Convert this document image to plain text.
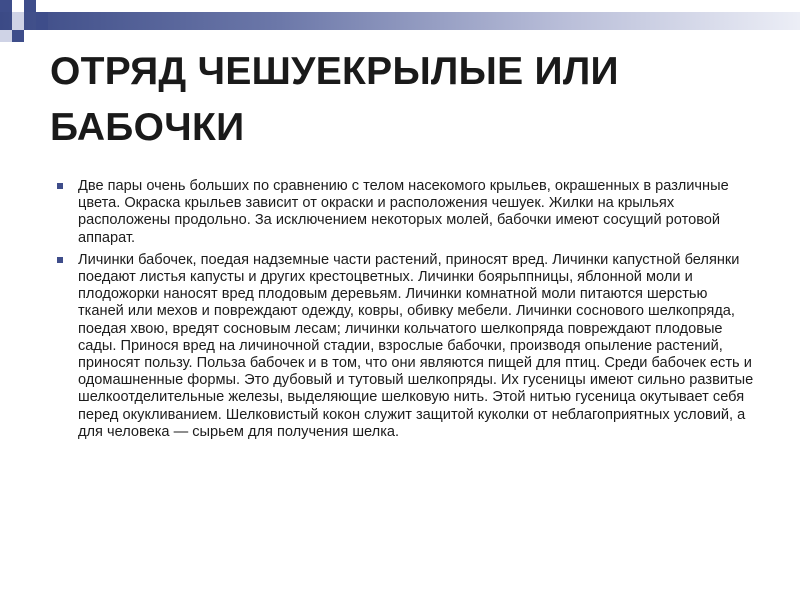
ОТРЯД ЧЕШУЕКРЫЛЫЕ ИЛИ БАБОЧКИ
Две пары очень больших по сравнению с телом насекомого крыльев, окрашенных в различные цвета. Окраска крыльев зависит от окраски и расположения чешуек. Жилки на крыльях расположены продольно. За исключением некоторых молей, бабочки имеют сосущий ротовой аппарат.
Личинки бабочек, поедая надземные части растений, приносят вред. Личинки капустной белянки поедают листья капусты и других крестоцветных. Личинки боярьппницы, яблонной моли и плодожорки наносят вред плодовым деревьям. Личинки комнатной моли питаются шерстью тканей или мехов и повреждают одежду, ковры, обивку мебели. Личинки соснового шелкопряда, поедая хвою, вредят сосновым лесам; личинки кольчатого шелкопряда повреждают плодовые сады. Принося вред на личиночной стадии, взрослые бабочки, производя опыление растений, приносят пользу. Польза бабочек и в том, что они являются пищей для птиц. Среди бабочек есть и одомашненные формы. Это дубовый и тутовый шелкопряды. Их гусеницы имеют сильно развитые шелкоотделительные железы, выделяющие шелковую нить. Этой нитью гусеница окутывает себя перед окукливанием. Шелковистый кокон служит защитой куколки от неблагоприятных условий, а для человека — сырьем для получения шелка.
